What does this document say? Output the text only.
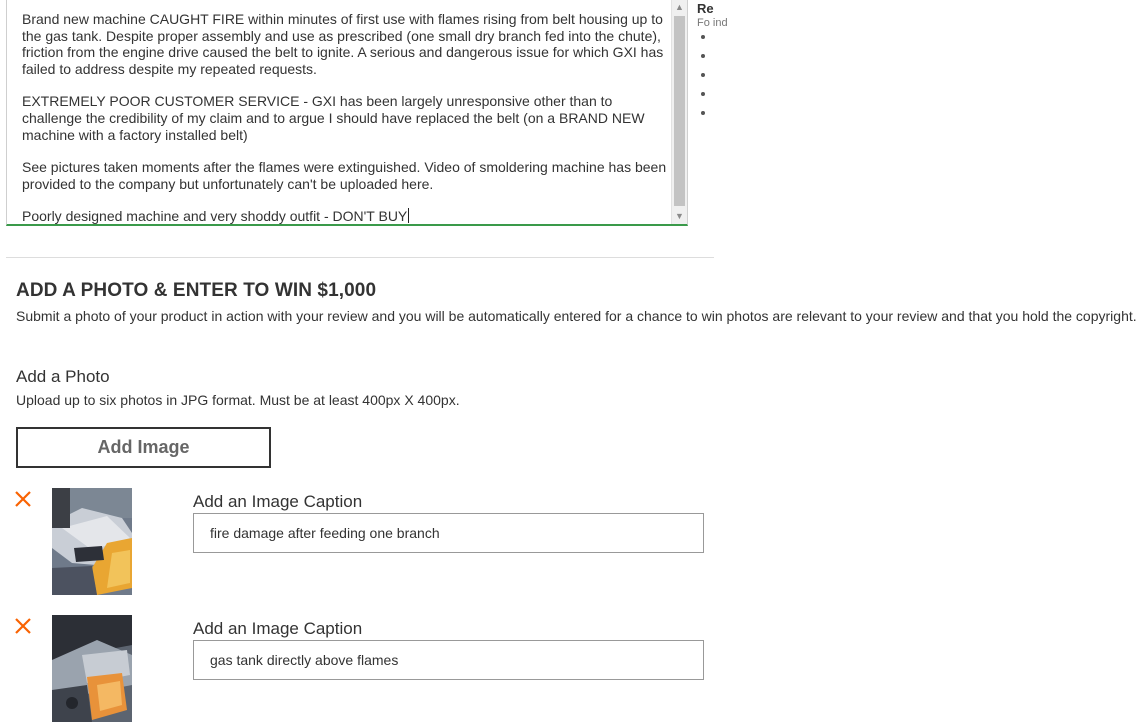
Brand new machine CAUGHT FIRE within minutes of first use with flames rising from belt housing up to the gas tank. Despite proper assembly and use as prescribed (one small dry branch fed into the chute), friction from the engine drive caused the belt to ignite. A serious and dangerous issue for which GXI has failed to address despite my repeated requests.

EXTREMELY POOR CUSTOMER SERVICE - GXI has been largely unresponsive other than to challenge the credibility of my claim and to argue I should have replaced the belt (on a BRAND NEW machine with a factory installed belt)

See pictures taken moments after the flames were extinguished. Video of smoldering machine has been provided to the company but unfortunately can't be uploaded here.

Poorly designed machine and very shoddy outfit - DON'T BUY

▲
▼
Re
Fo ind
ADD A PHOTO & ENTER TO WIN $1,000

Submit a photo of your product in action with your review and you will be automatically entered for a chance to win photos are relevant to your review and that you hold the copyright.

Add a Photo

Upload up to six photos in JPG format. Must be at least 400px X 400px.

Add Image

Add an Image Caption

fire damage after feeding one branch

Add an Image Caption

gas tank directly above flames
